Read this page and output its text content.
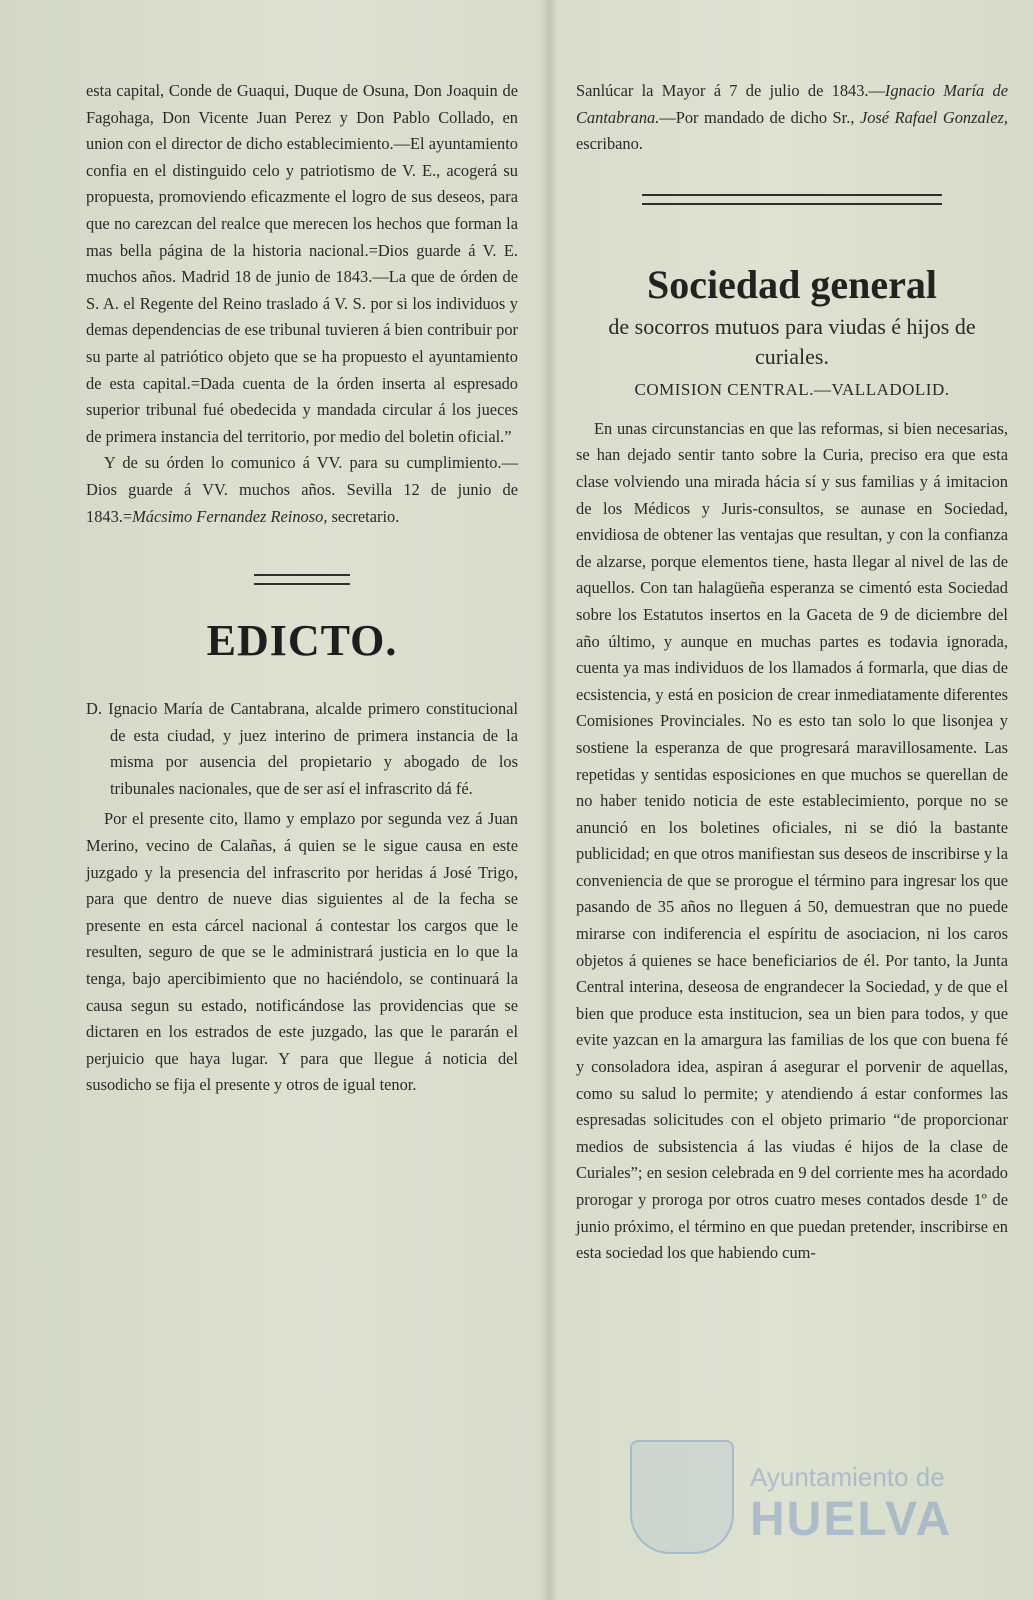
esta capital, Conde de Guaqui, Duque de Osuna, Don Joaquin de Fagohaga, Don Vicente Juan Perez y Don Pablo Collado, en union con el director de dicho establecimiento.—El ayuntamiento confia en el distinguido celo y patriotismo de V. E., acogerá su propuesta, promoviendo eficazmente el logro de sus deseos, para que no carezcan del realce que merecen los hechos que forman la mas bella página de la historia nacional.=Dios guarde á V. E. muchos años. Madrid 18 de junio de 1843.—La que de órden de S. A. el Regente del Reino traslado á V. S. por si los individuos y demas dependencias de ese tribunal tuvieren á bien contribuir por su parte al patriótico objeto que se ha propuesto el ayuntamiento de esta capital.=Dada cuenta de la órden inserta al espresado superior tribunal fué obedecida y mandada circular á los jueces de primera instancia del territorio, por medio del boletin oficial.”

Y de su órden lo comunico á VV. para su cumplimiento.—Dios guarde á VV. muchos años. Sevilla 12 de junio de 1843.=Mácsimo Fernandez Reinoso, secretario.

EDICTO.

D. Ignacio María de Cantabrana, alcalde primero constitucional de esta ciudad, y juez interino de primera instancia de la misma por ausencia del propietario y abogado de los tribunales nacionales, que de ser así el infrascrito dá fé.

Por el presente cito, llamo y emplazo por segunda vez á Juan Merino, vecino de Calañas, á quien se le sigue causa en este juzgado y la presencia del infrascrito por heridas á José Trigo, para que dentro de nueve dias siguientes al de la fecha se presente en esta cárcel nacional á contestar los cargos que le resulten, seguro de que se le administrará justicia en lo que la tenga, bajo apercibimiento que no haciéndolo, se continuará la causa segun su estado, notificándose las providencias que se dictaren en los estrados de este juzgado, las que le pararán el perjuicio que haya lugar. Y para que llegue á noticia del susodicho se fija el presente y otros de igual tenor.

Sanlúcar la Mayor á 7 de julio de 1843.—Ignacio María de Cantabrana.—Por mandado de dicho Sr., José Rafael Gonzalez, escribano.

Sociedad general

de socorros mutuos para viudas é hijos de curiales.

COMISION CENTRAL.—VALLADOLID.

En unas circunstancias en que las reformas, si bien necesarias, se han dejado sentir tanto sobre la Curia, preciso era que esta clase volviendo una mirada hácia sí y sus familias y á imitacion de los Médicos y Juris-consultos, se aunase en Sociedad, envidiosa de obtener las ventajas que resultan, y con la confianza de alzarse, porque elementos tiene, hasta llegar al nivel de las de aquellos. Con tan halagüeña esperanza se cimentó esta Sociedad sobre los Estatutos insertos en la Gaceta de 9 de diciembre del año último, y aunque en muchas partes es todavia ignorada, cuenta ya mas individuos de los llamados á formarla, que dias de ecsistencia, y está en posicion de crear inmediatamente diferentes Comisiones Provinciales. No es esto tan solo lo que lisonjea y sostiene la esperanza de que progresará maravillosamente. Las repetidas y sentidas esposiciones en que muchos se querellan de no haber tenido noticia de este establecimiento, porque no se anunció en los boletines oficiales, ni se dió la bastante publicidad; en que otros manifiestan sus deseos de inscribirse y la conveniencia de que se prorogue el término para ingresar los que pasando de 35 años no lleguen á 50, demuestran que no puede mirarse con indiferencia el espíritu de asociacion, ni los caros objetos á quienes se hace beneficiarios de él. Por tanto, la Junta Central interina, deseosa de engrandecer la Sociedad, y de que el bien que produce esta institucion, sea un bien para todos, y que evite yazcan en la amargura las familias de los que con buena fé y consoladora idea, aspiran á asegurar el porvenir de aquellas, como su salud lo permite; y atendiendo á estar conformes las espresadas solicitudes con el objeto primario “de proporcionar medios de subsistencia á las viudas é hijos de la clase de Curiales”; en sesion celebrada en 9 del corriente mes ha acordado prorogar y proroga por otros cuatro meses contados desde 1º de junio próximo, el término en que puedan pretender, inscribirse en esta sociedad los que habiendo cum-

Ayuntamiento de
HUELVA
